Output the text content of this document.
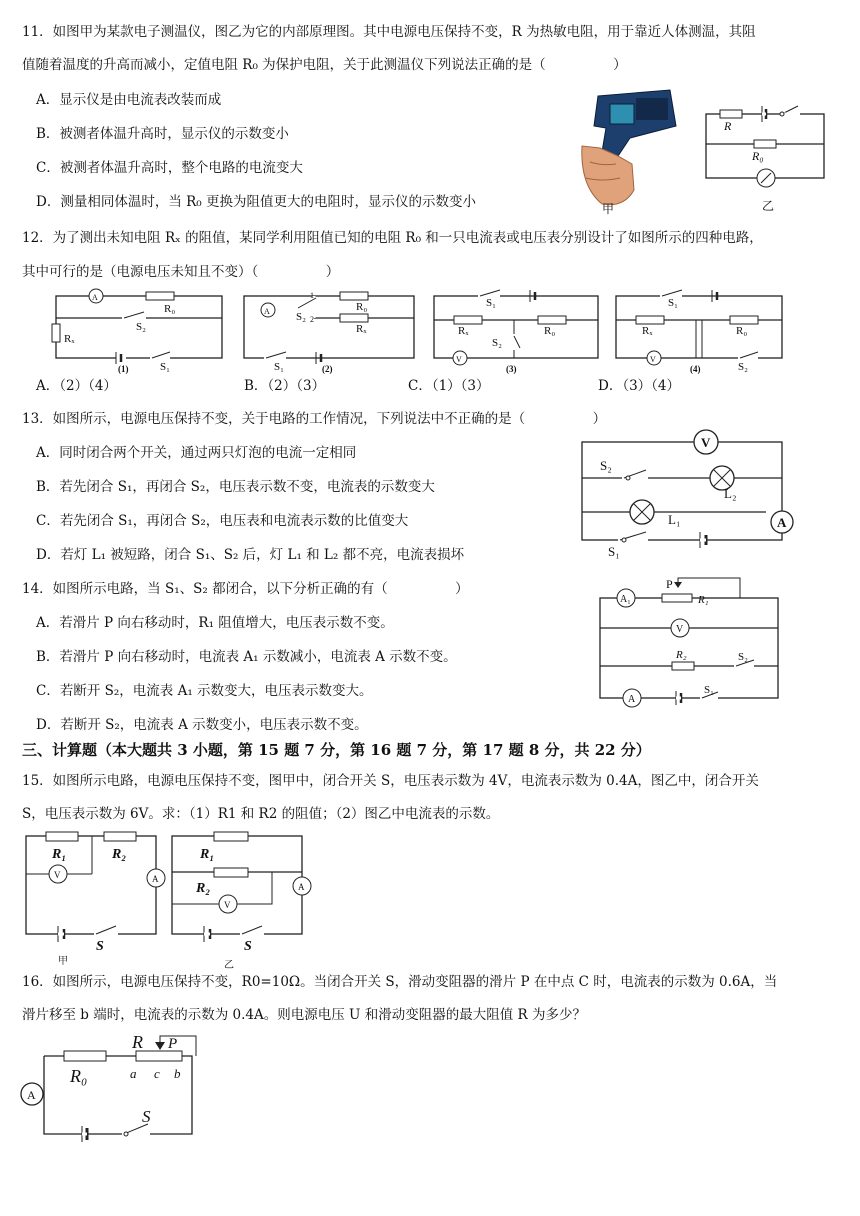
11．如图甲为某款电子测温仪，图乙为它的内部原理图。其中电源电压保持不变，R 为热敏电阻，用于靠近人体测温，其阻
值随着温度的升高而减小，定值电阻 R₀ 为保护电阻，关于此测温仪下列说法正确的是（　　　　　）
A．显示仪是由电流表改装而成
B．被测者体温升高时，显示仪的示数变小
C．被测者体温升高时，整个电路的电流变大
D．测量相同体温时，当 R₀ 更换为阻值更大的电阻时，显示仪的示数变小	甲
R
R₀
乙
12．为了测出未知电阻 Rₓ 的阻值，某同学利用阻值已知的电阻 R₀ 和一只电流表或电压表分别设计了如图所示的四种电路，
其中可行的是（电源电压未知且不变）（　　　　　）
A
R₀
S₂
Rₓ
S₁
(1)
A	R₀
Rₓ
1
2
S₂
S₁	(2)
S₁
Rₓ	R₀
S₂
V
(3)
S₁
Rₓ	R₀
V
S₂
(4)
A．（2）（4）	B．（2）（3）	C．（1）（3）	D．（3）（4）
13．如图所示，电源电压保持不变，关于电路的工作情况，下列说法中不正确的是（　　　　　）
A．同时闭合两个开关，通过两只灯泡的电流一定相同
B．若先闭合 S₁，再闭合 S₂，电压表示数不变，电流表的示数变大
C．若先闭合 S₁，再闭合 S₂，电压表和电流表示数的比值变大
D．若灯 L₁ 被短路，闭合 S₁、S₂ 后，灯 L₁ 和 L₂ 都不亮，电流表损坏
V
S₂
L₂
L₁	A
S₁
14．如图所示电路，当 S₁、S₂ 都闭合，以下分析正确的有（　　　　　）
A．若滑片 P 向右移动时，R₁ 阻值增大，电压表示数不变。
B．若滑片 P 向右移动时，电流表 A₁ 示数减小，电流表 A 示数不变。
C．若断开 S₂，电流表 A₁ 示数变大，电压表示数变大。
D．若断开 S₂，电流表 A 示数变小，电压表示数不变。
P
A₁	R₁
V
R₂	S₂
A
S₁
三、计算题（本大题共 3 小题，第 15 题 7 分，第 16 题 7 分，第 17 题 8 分，共 22 分）
15．如图所示电路，电源电压保持不变，图甲中，闭合开关 S，电压表示数为 4V，电流表示数为 0.4A，图乙中，闭合开关
S，电压表示数为 6V。求：（1）R1 和 R2 的阻值；（2）图乙中电流表的示数。
V
R₁	R₂
A
S
甲
R₁
R₂
V
A
S
乙
16．如图所示，电源电压保持不变，R0=10Ω。当闭合开关 S，滑动变阻器的滑片 P 在中点 C 时，电流表的示数为 0.6A，当
滑片移至 b 端时，电流表的示数为 0.4A。则电源电压 U 和滑动变阻器的最大阻值 R 为多少？
R P
R₀	a c b
A
S
